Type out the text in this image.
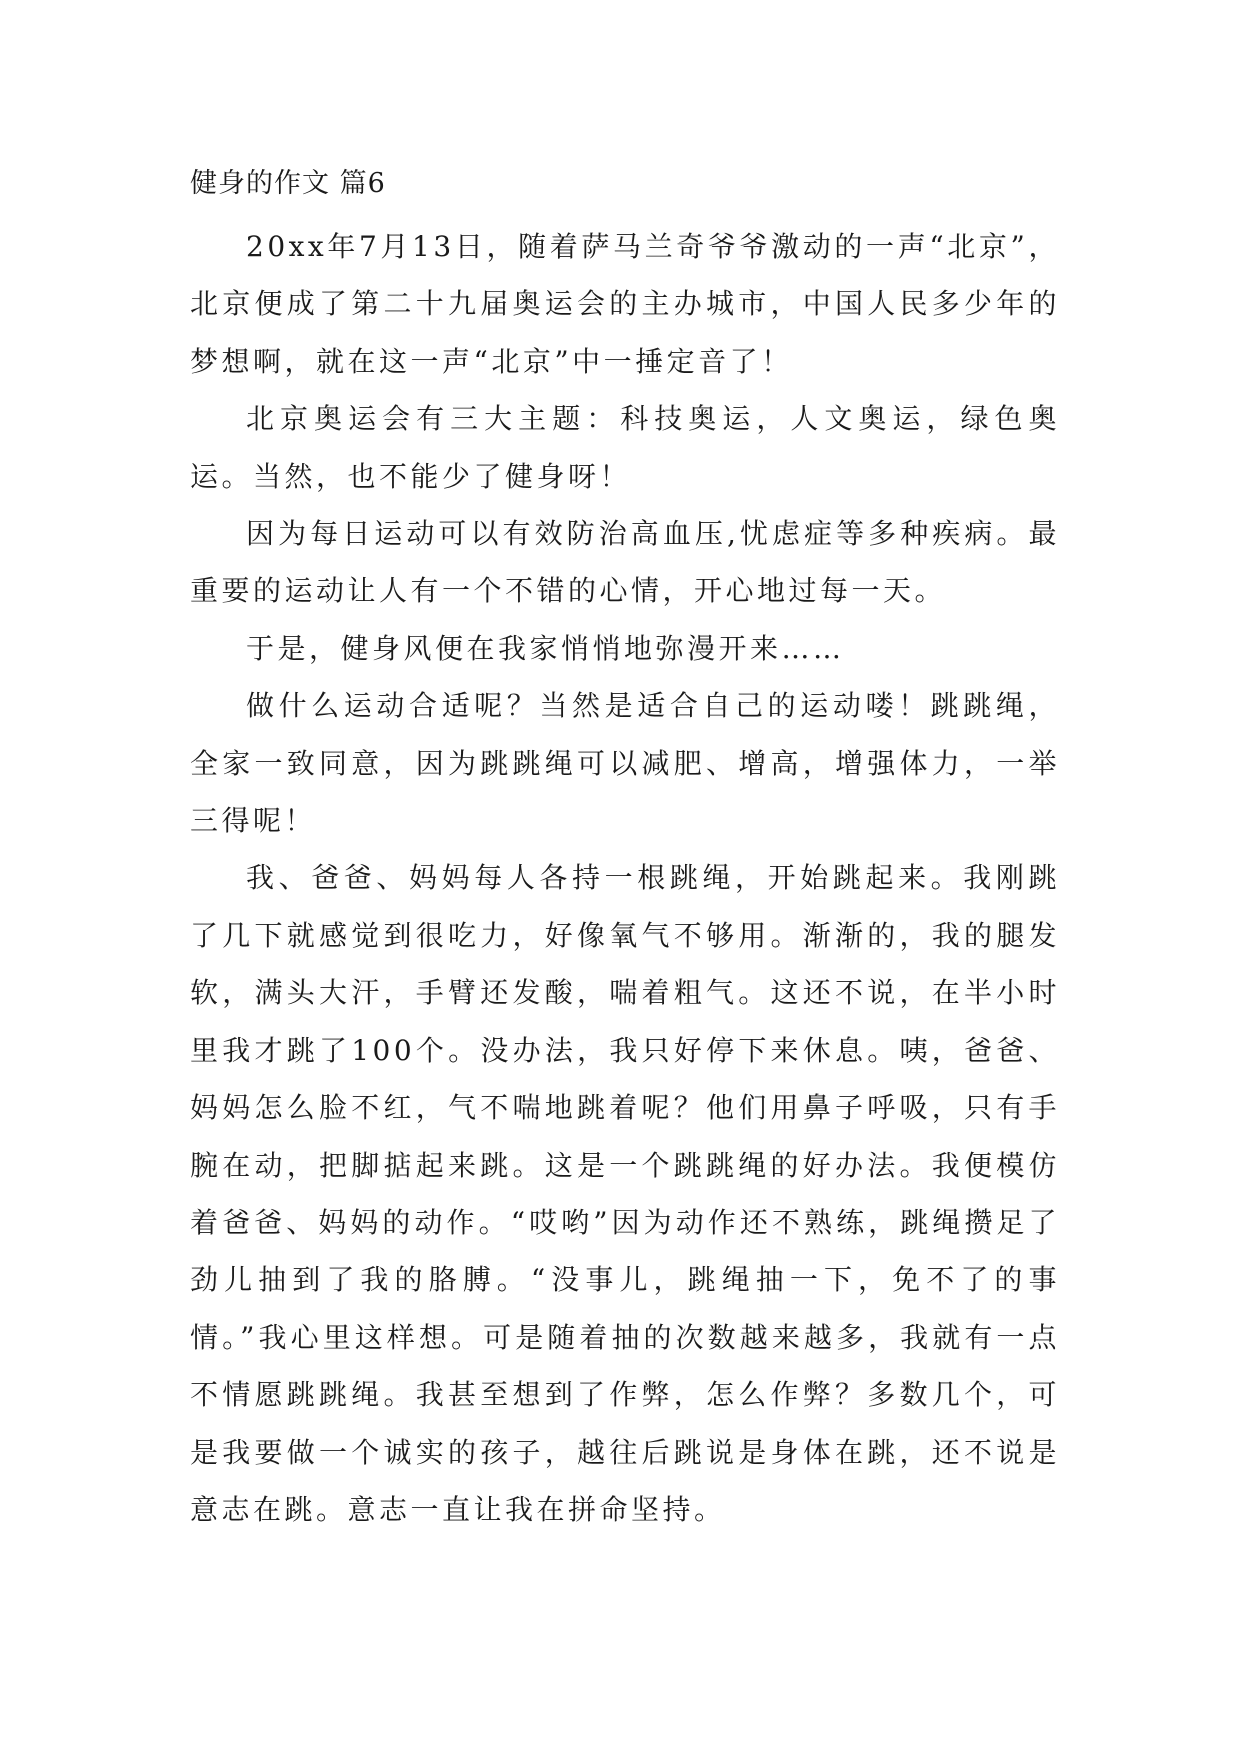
健身的作文 篇6

20xx年7月13日，随着萨马兰奇爷爷激动的一声“北京”，北京便成了第二十九届奥运会的主办城市，中国人民多少年的梦想啊，就在这一声“北京”中一捶定音了！

北京奥运会有三大主题：科技奥运，人文奥运，绿色奥运。当然，也不能少了健身呀！

因为每日运动可以有效防治高血压,忧虑症等多种疾病。最重要的运动让人有一个不错的心情，开心地过每一天。

于是，健身风便在我家悄悄地弥漫开来……

做什么运动合适呢？当然是适合自己的运动喽！跳跳绳，全家一致同意，因为跳跳绳可以减肥、增高，增强体力，一举三得呢！

我、爸爸、妈妈每人各持一根跳绳，开始跳起来。我刚跳了几下就感觉到很吃力，好像氧气不够用。渐渐的，我的腿发软，满头大汗，手臂还发酸，喘着粗气。这还不说，在半小时里我才跳了100个。没办法，我只好停下来休息。咦，爸爸、妈妈怎么脸不红，气不喘地跳着呢？他们用鼻子呼吸，只有手腕在动，把脚掂起来跳。这是一个跳跳绳的好办法。我便模仿着爸爸、妈妈的动作。“哎哟”因为动作还不熟练，跳绳攒足了劲儿抽到了我的胳膊。“没事儿，跳绳抽一下，免不了的事情。”我心里这样想。可是随着抽的次数越来越多，我就有一点不情愿跳跳绳。我甚至想到了作弊，怎么作弊？多数几个，可是我要做一个诚实的孩子，越往后跳说是身体在跳，还不说是意志在跳。意志一直让我在拼命坚持。
